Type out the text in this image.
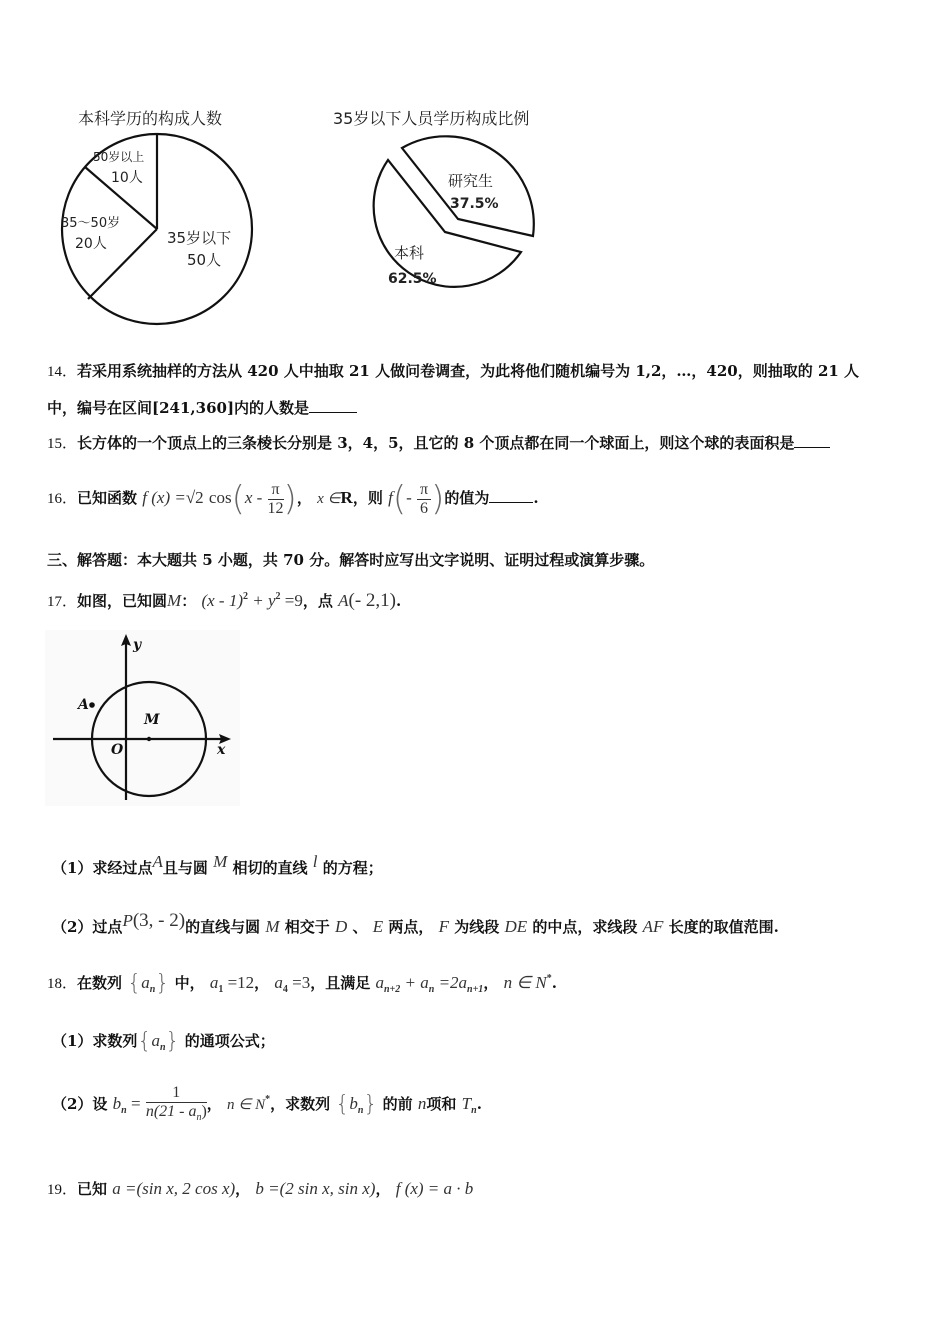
本科学历的构成人数
50岁以上
10人
35～50岁
20人	35岁以下
50人
35岁以下人员学历构成比例
研究生
37.5%
本科
62.5%
14．若采用系统抽样的方法从 420 人中抽取 21 人做问卷调查，为此将他们随机编号为 1,2，…，420，则抽取的 21 人
中，编号在区间[241,360]内的人数是
15．长方体的一个顶点上的三条棱长分别是 3，4，5，且它的 8 个顶点都在同一个球面上，则这个球的表面积是
16．已知函数 f (x) =√2 $\cos(x - \frac{\pi}{12}$ )， x ∈R，则 $f(- \frac{\pi}{6}$ )的值为	.
三、解答题：本大题共 5 小题，共 70 分。解答时应写出文字说明、证明过程或演算步骤。
17．如图，已知圆M： $(x - 1)^2 + y^2 =9$，点 A(- 2,1).
y
x
O
M
A
（1）求经过点A且与圆 M 相切的直线 l 的方程；
（2）过点P(3, - 2)的直线与圆 M 相交于 D 、 E 两点， F 为线段 DE 的中点，求线段 AF 长度的取值范围.
18．在数列 $\{a_n\}$ 中， $a_1 =12$， $a_4 =3$，且满足 $a_{n+2} + a_n =2a_{n+1}$， n ∈ N*.
（1）求数列$\{a_n\}$ 的通项公式；
（2）设 $b_n = \frac{1}{n(21 - a_n)}$ ， n ∈ N*，求数列 $\{b_n\}$ 的前 n项和 $T_n$.
19．已知 a =(sin x, 2 cos x)， b =(2 sin x, sin x)， f (x) = a · b
